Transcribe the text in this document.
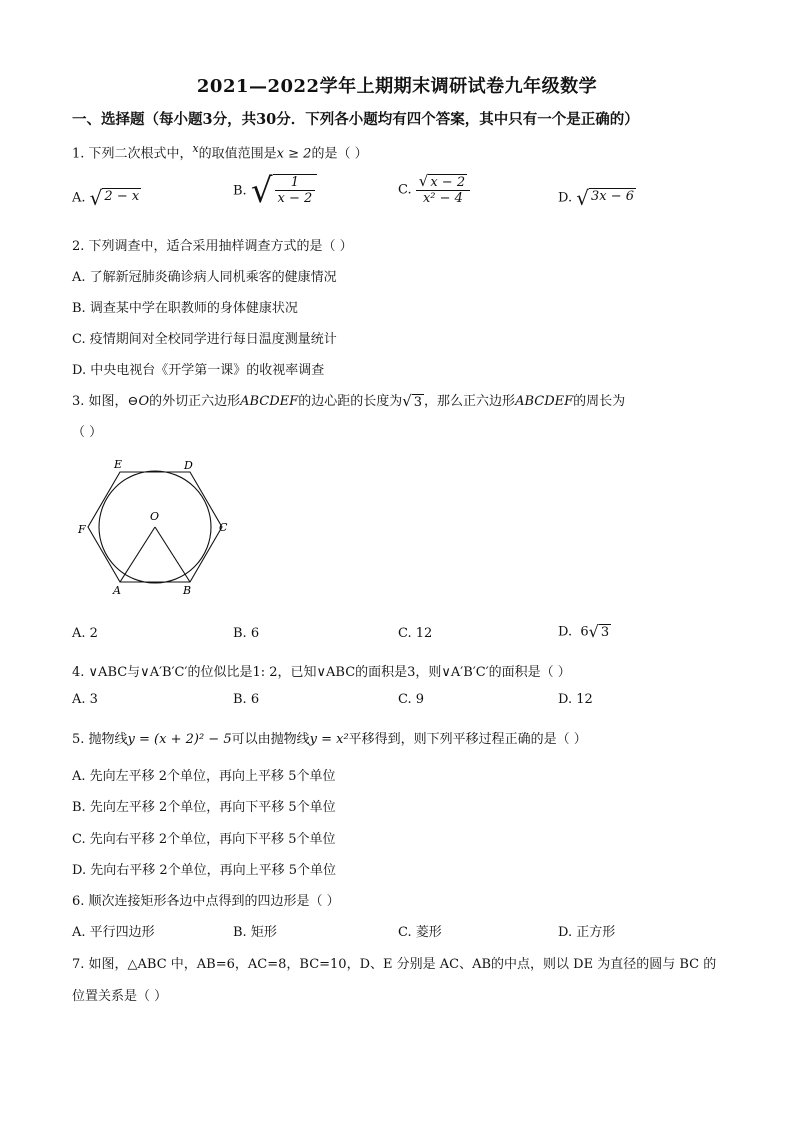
2021—2022学年上期期末调研试卷九年级数学
一、选择题（每小题3分，共30分．下列各小题均有四个答案，其中只有一个是正确的）
1. 下列二次根式中，$^x$的取值范围是x ≥ 2的是（ ）
A. √ 2 − x	B. √ $\frac{1}{x - 2}$	C. $\frac{√ x - 2}{\text{x² − 4}}$	D. √ 3x − 6
2. 下列调查中，适合采用抽样调查方式的是（ ）
A. 了解新冠肺炎确诊病人同机乘客的健康情况
B. 调查某中学在职教师的身体健康状况
C. 疫情期间对全校同学进行每日温度测量统计
D. 中央电视台《开学第一课》的收视率调查
3. 如图，⊖O的外切正六边形ABCDEF的边心距的长度为 √ 3 ，那么正六边形ABCDEF的周长为
（ ）
E	D
F
O
C
A	B
A. 2	B. 6	C. 12	D. 6 √ 3
4. ∨ABC与∨A′B′C′的位似比是1: 2，已知∨ABC的面积是3，则∨A′B′C′的面积是（ ）
A. 3	B. 6	C. 9	D. 12
5. 抛物线y = (x + 2)² − 5可以由抛物线y = x²平移得到，则下列平移过程正确的是（ ）
A. 先向左平移 2个单位，再向上平移 5个单位
B. 先向左平移 2个单位，再向下平移 5个单位
C. 先向右平移 2个单位，再向下平移 5个单位
D. 先向右平移 2个单位，再向上平移 5个单位
6. 顺次连接矩形各边中点得到的四边形是（ ）
A. 平行四边形	B. 矩形	C. 菱形	D. 正方形
7. 如图，△ABC 中，AB=6，AC=8，BC=10，D、E 分别是 AC、AB的中点，则以 DE 为直径的圆与 BC 的
位置关系是（ ）
